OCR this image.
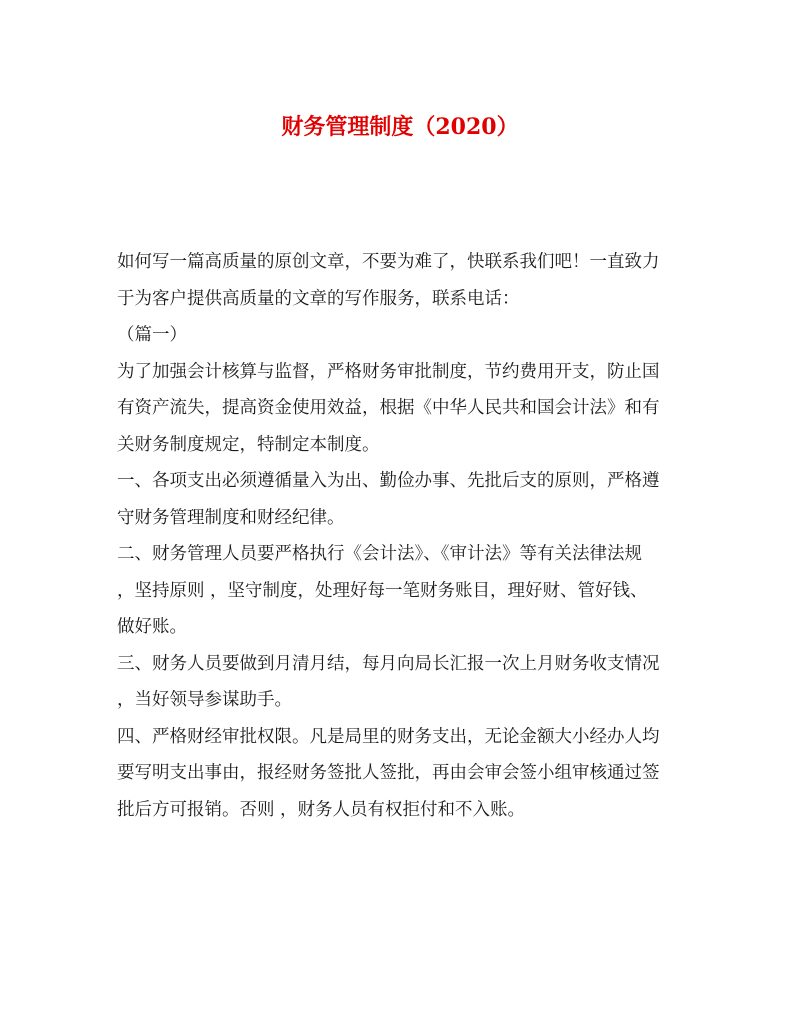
财务管理制度（2020）
如何写一篇高质量的原创文章，不要为难了，快联系我们吧！一直致力
于为客户提供高质量的文章的写作服务，联系电话：
（篇一）
为了加强会计核算与监督，严格财务审批制度，节约费用开支，防止国
有资产流失，提高资金使用效益，根据《中华人民共和国会计法》和有
关财务制度规定，特制定本制度。
一、各项支出必须遵循量入为出、勤俭办事、先批后支的原则，严格遵
守财务管理制度和财经纪律。
二、财务管理人员要严格执行《会计法》、《审计法》等有关法律法规
，坚持原则 ，坚守制度，处理好每一笔财务账目，理好财、管好钱、
做好账。
三、财务人员要做到月清月结，每月向局长汇报一次上月财务收支情况
，当好领导参谋助手。
四、严格财经审批权限。凡是局里的财务支出，无论金额大小经办人均
要写明支出事由，报经财务签批人签批，再由会审会签小组审核通过签
批后方可报销。否则 ，财务人员有权拒付和不入账。
